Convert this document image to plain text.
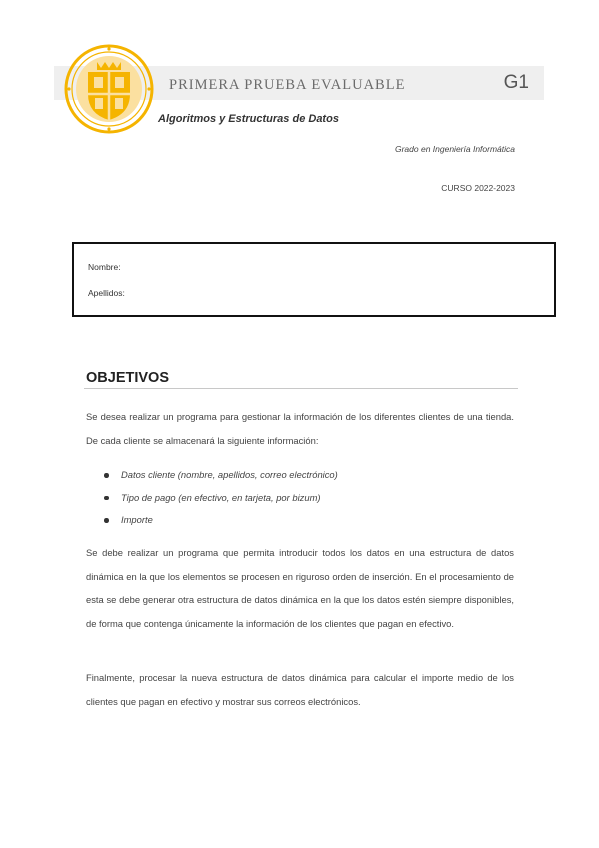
PRIMERA PRUEBA EVALUABLE	G1
Algoritmos y Estructuras de Datos
Grado en Ingeniería Informática
CURSO 2022-2023
Nombre:
Apellidos:
OBJETIVOS

Se desea realizar un programa para gestionar la información de los diferentes clientes de una tienda. De cada cliente se almacenará la siguiente información:

Datos cliente (nombre, apellidos, correo electrónico)
Tipo de pago (en efectivo, en tarjeta, por bizum)
Importe

Se debe realizar un programa que permita introducir todos los datos en una estructura de datos dinámica en la que los elementos se procesen en riguroso orden de inserción. En el procesamiento de esta se debe generar otra estructura de datos dinámica en la que los datos estén siempre disponibles, de forma que contenga únicamente la información de los clientes que pagan en efectivo.

Finalmente, procesar la nueva estructura de datos dinámica para calcular el importe medio de los clientes que pagan en efectivo y mostrar sus correos electrónicos.
